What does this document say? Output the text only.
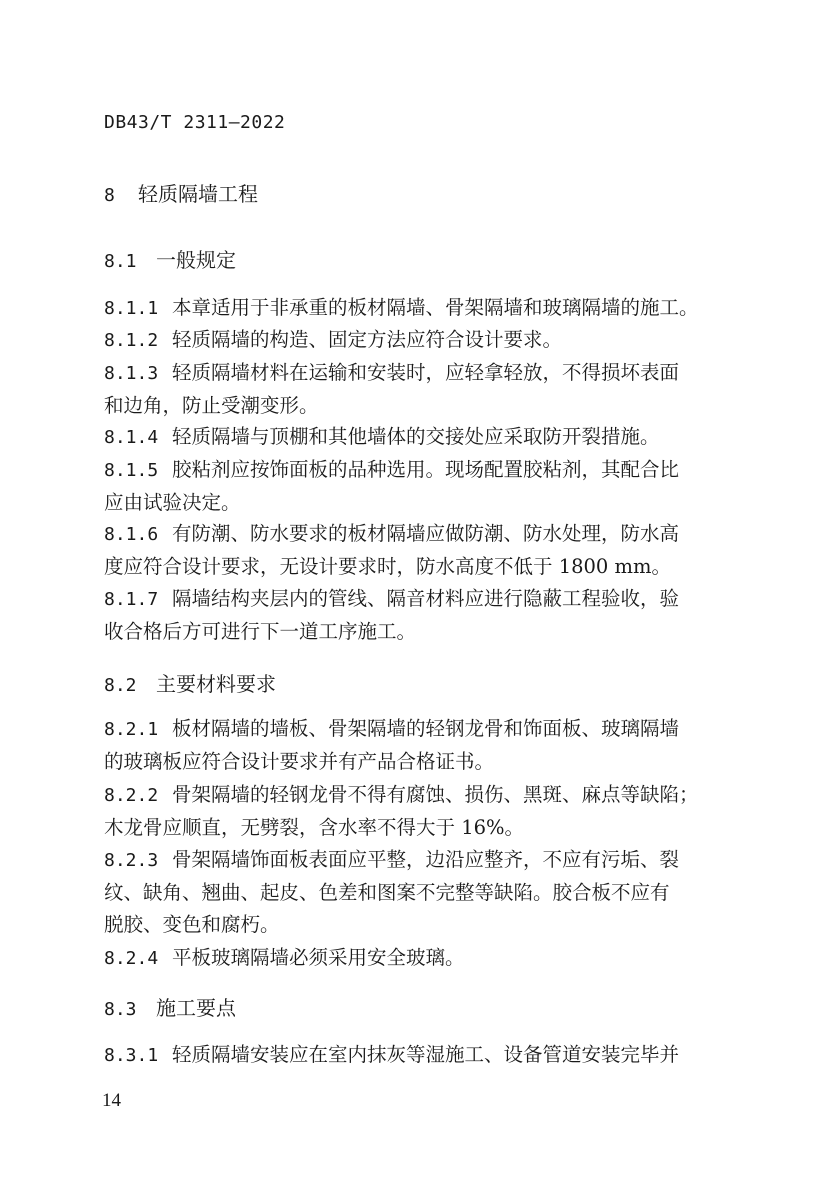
DB43/T 2311—2022
8 轻质隔墙工程
8.1 一般规定
8.1.1 本章适用于非承重的板材隔墙、骨架隔墙和玻璃隔墙的施工。
8.1.2 轻质隔墙的构造、固定方法应符合设计要求。
8.1.3 轻质隔墙材料在运输和安装时，应轻拿轻放，不得损坏表面
和边角，防止受潮变形。
8.1.4 轻质隔墙与顶棚和其他墙体的交接处应采取防开裂措施。
8.1.5 胶粘剂应按饰面板的品种选用。现场配置胶粘剂，其配合比
应由试验决定。
8.1.6 有防潮、防水要求的板材隔墙应做防潮、防水处理，防水高
度应符合设计要求，无设计要求时，防水高度不低于 1800 mm。
8.1.7 隔墙结构夹层内的管线、隔音材料应进行隐蔽工程验收，验
收合格后方可进行下一道工序施工。
8.2 主要材料要求
8.2.1 板材隔墙的墙板、骨架隔墙的轻钢龙骨和饰面板、玻璃隔墙
的玻璃板应符合设计要求并有产品合格证书。
8.2.2 骨架隔墙的轻钢龙骨不得有腐蚀、损伤、黑斑、麻点等缺陷；
木龙骨应顺直，无劈裂，含水率不得大于 16%。
8.2.3 骨架隔墙饰面板表面应平整，边沿应整齐，不应有污垢、裂
纹、缺角、翘曲、起皮、色差和图案不完整等缺陷。胶合板不应有
脱胶、变色和腐朽。
8.2.4 平板玻璃隔墙必须采用安全玻璃。
8.3 施工要点
8.3.1 轻质隔墙安装应在室内抹灰等湿施工、设备管道安装完毕并
14
